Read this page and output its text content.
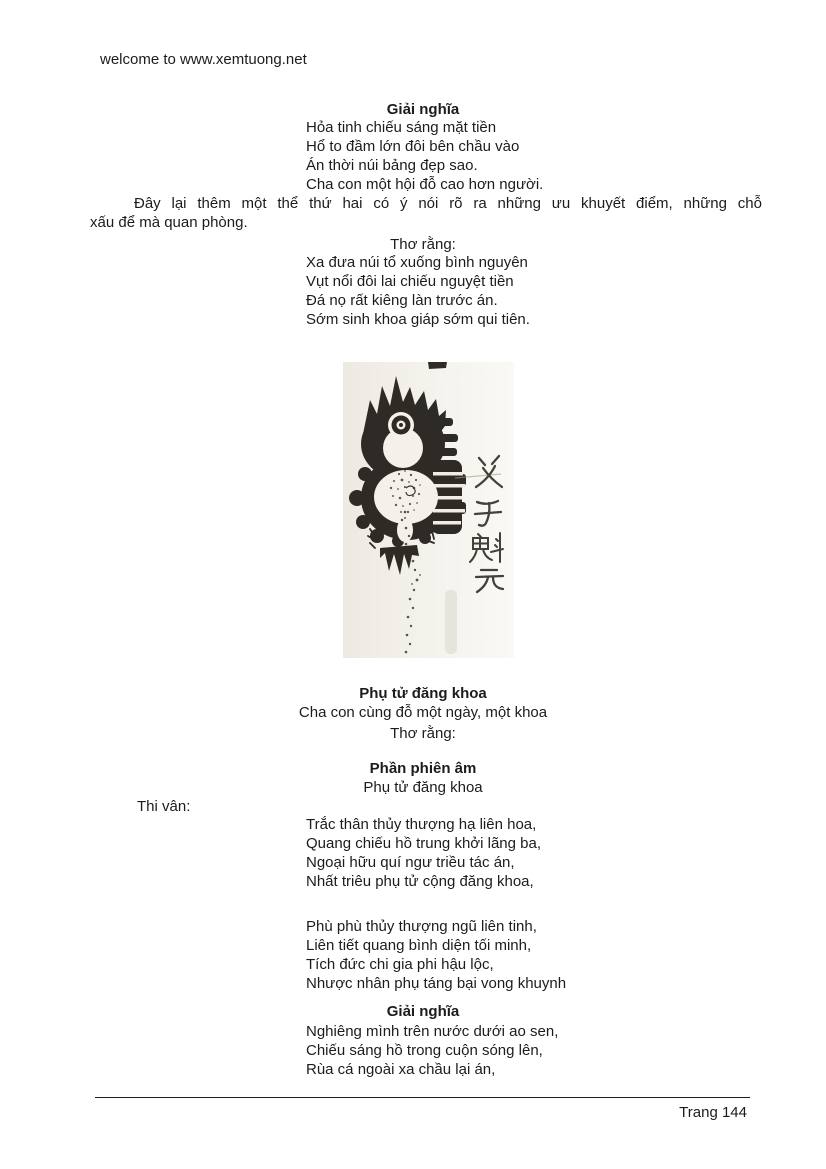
welcome to www.xemtuong.net
Giải nghĩa
Hỏa tinh chiếu sáng mặt tiền
Hổ to đầm lớn đôi bên chầu vào
Án thời núi bảng đẹp sao.
Cha con một hội đỗ cao hơn người.
Đây lại thêm một thể thứ hai có ý nói rõ ra những ưu khuyết điểm, những chỗ
xấu để mà quan phòng.
Thơ rằng:
Xa đưa núi tổ xuống bình nguyên
Vụt nổi đôi lai chiếu nguyệt tiền
Đá nọ rất kiêng làn trước án.
Sớm sinh khoa giáp sớm qui tiên.
Phụ tử đăng khoa
Cha con cùng đỗ một ngày, một khoa
Thơ rằng:
Phần phiên âm
Phụ tử đăng khoa
Thi vân:
Trắc thân thủy thượng hạ liên hoa,
Quang chiếu hồ trung khởi lãng ba,
Ngoại hữu quí ngư triều tác án,
Nhất triêu phụ tử cộng đăng khoa,
Phù phù thủy thượng ngũ liên tinh,
Liên tiết quang bình diện tối minh,
Tích đức chi gia phi hậu lộc,
Nhược nhân phụ táng bại vong khuynh
Giải nghĩa
Nghiêng mình trên nước dưới ao sen,
Chiếu sáng hồ trong cuộn sóng lên,
Rùa cá ngoài xa chầu lại án,
Trang 144
